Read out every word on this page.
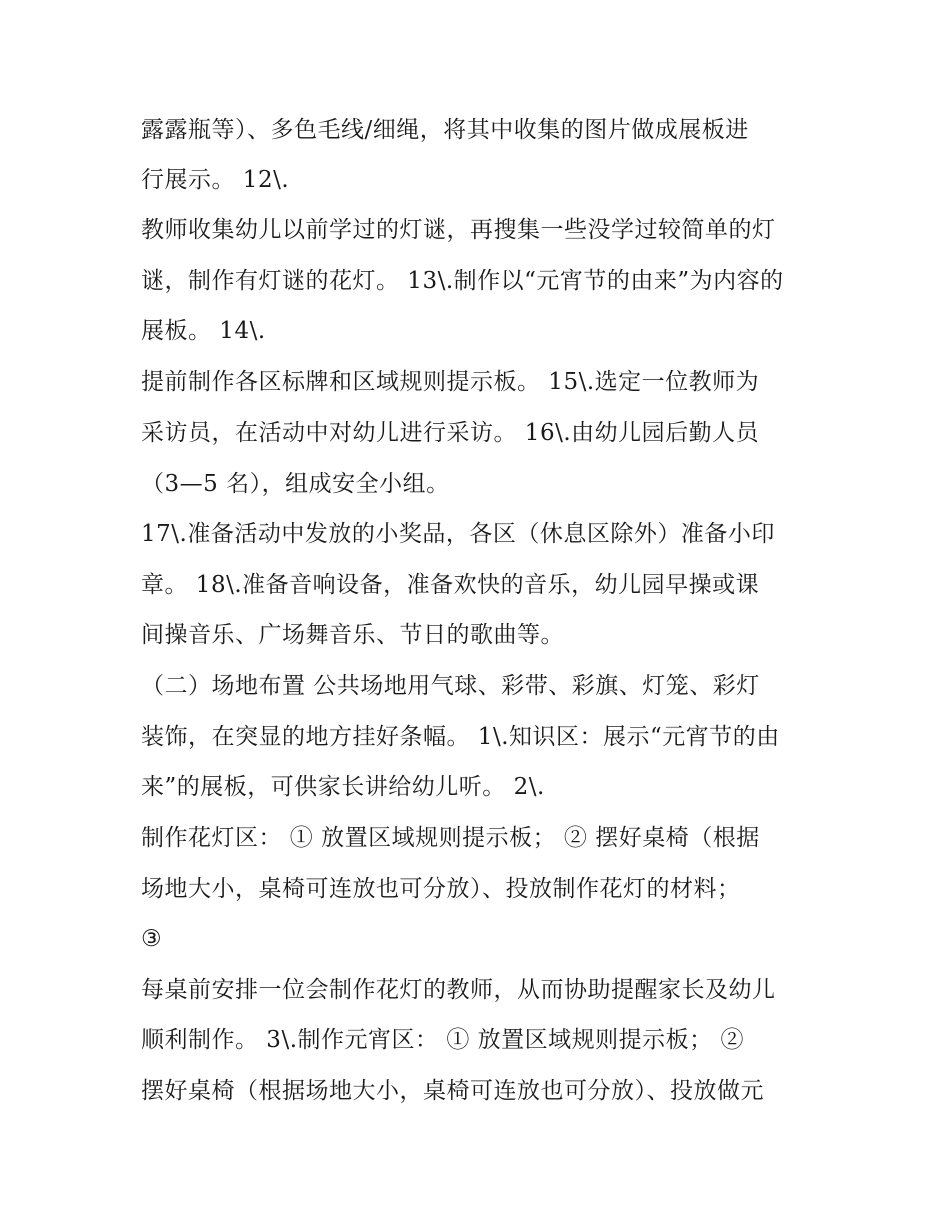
露露瓶等）、多色毛线/细绳，将其中收集的图片做成展板进
行展示。 12\.
教师收集幼儿以前学过的灯谜，再搜集一些没学过较简单的灯
谜，制作有灯谜的花灯。 13\.制作以“元宵节的由来”为内容的
展板。 14\.
提前制作各区标牌和区域规则提示板。 15\.选定一位教师为
采访员，在活动中对幼儿进行采访。 16\.由幼儿园后勤人员
（3—5 名），组成安全小组。
17\.准备活动中发放的小奖品，各区（休息区除外）准备小印
章。 18\.准备音响设备，准备欢快的音乐，幼儿园早操或课
间操音乐、广场舞音乐、节日的歌曲等。
（二）场地布置 公共场地用气球、彩带、彩旗、灯笼、彩灯
装饰，在突显的地方挂好条幅。 1\.知识区：展示“元宵节的由
来”的展板，可供家长讲给幼儿听。 2\.
制作花灯区： ① 放置区域规则提示板； ② 摆好桌椅（根据
场地大小，桌椅可连放也可分放）、投放制作花灯的材料；
③
每桌前安排一位会制作花灯的教师，从而协助提醒家长及幼儿
顺利制作。 3\.制作元宵区： ① 放置区域规则提示板； ②
摆好桌椅（根据场地大小，桌椅可连放也可分放）、投放做元
